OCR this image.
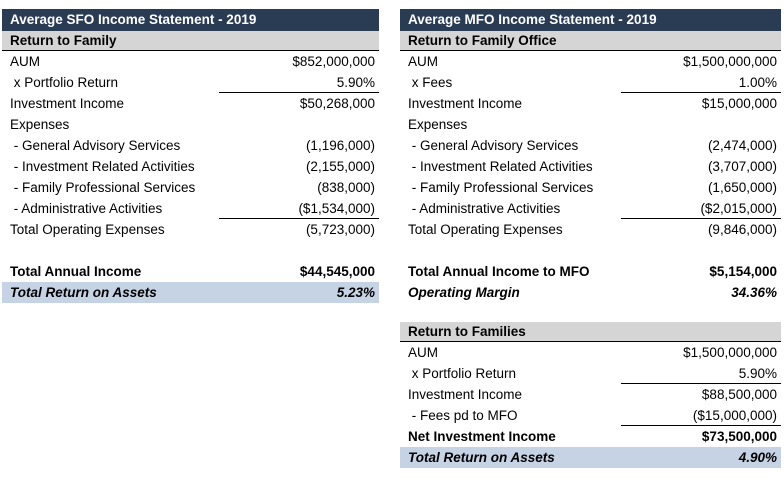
Average SFO Income Statement - 2019
Return to Family
AUM	$852,000,000
x Portfolio Return	5.90%
Investment Income	$50,268,000
Expenses
- General Advisory Services	(1,196,000)
- Investment Related Activities	(2,155,000)
- Family Professional Services	(838,000)
- Administrative Activities	($1,534,000)
Total Operating Expenses	(5,723,000)
Total Annual Income	$44,545,000
Total Return on Assets	5.23%
Average MFO Income Statement - 2019
Return to Family Office
AUM	$1,500,000,000
x Fees	1.00%
Investment Income	$15,000,000
Expenses
- General Advisory Services	(2,474,000)
- Investment Related Activities	(3,707,000)
- Family Professional Services	(1,650,000)
- Administrative Activities	($2,015,000)
Total Operating Expenses	(9,846,000)
Total Annual Income to MFO	$5,154,000
Operating Margin	34.36%
Return to Families
AUM	$1,500,000,000
x Portfolio Return	5.90%
Investment Income	$88,500,000
- Fees pd to MFO	($15,000,000)
Net Investment Income	$73,500,000
Total Return on Assets	4.90%
